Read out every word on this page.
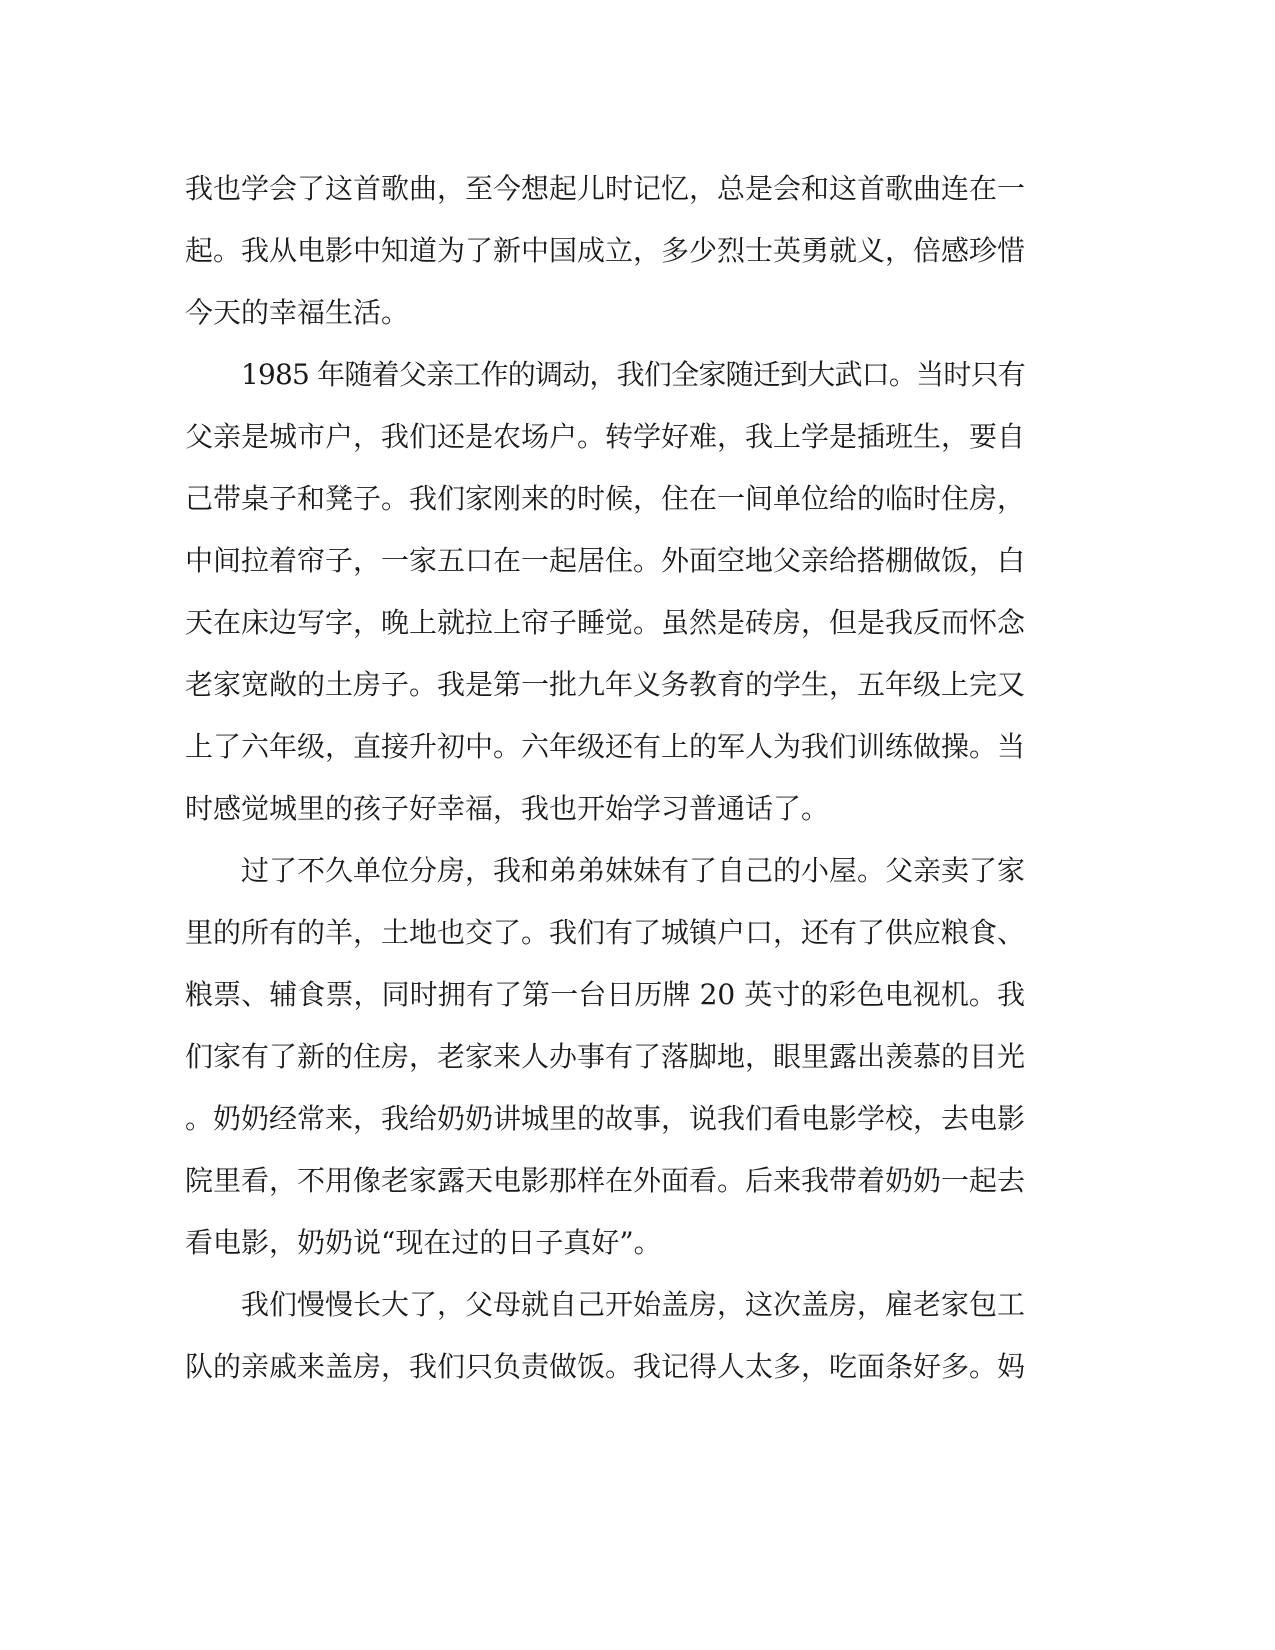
我也学会了这首歌曲，至今想起儿时记忆，总是会和这首歌曲连在一
起。我从电影中知道为了新中国成立，多少烈士英勇就义，倍感珍惜
今天的幸福生活。
1985 年随着父亲工作的调动，我们全家随迁到大武口。当时只有
父亲是城市户，我们还是农场户。转学好难，我上学是插班生，要自
己带桌子和凳子。我们家刚来的时候，住在一间单位给的临时住房，
中间拉着帘子，一家五口在一起居住。外面空地父亲给搭棚做饭，白
天在床边写字，晚上就拉上帘子睡觉。虽然是砖房，但是我反而怀念
老家宽敞的土房子。我是第一批九年义务教育的学生，五年级上完又
上了六年级，直接升初中。六年级还有上的军人为我们训练做操。当
时感觉城里的孩子好幸福，我也开始学习普通话了。
过了不久单位分房，我和弟弟妹妹有了自己的小屋。父亲卖了家
里的所有的羊，土地也交了。我们有了城镇户口，还有了供应粮食、
粮票、辅食票，同时拥有了第一台日历牌 20 英寸的彩色电视机。我
们家有了新的住房，老家来人办事有了落脚地，眼里露出羡慕的目光
。奶奶经常来，我给奶奶讲城里的故事，说我们看电影学校，去电影
院里看，不用像老家露天电影那样在外面看。后来我带着奶奶一起去
看电影，奶奶说“现在过的日子真好”。
我们慢慢长大了，父母就自己开始盖房，这次盖房，雇老家包工
队的亲戚来盖房，我们只负责做饭。我记得人太多，吃面条好多。妈
